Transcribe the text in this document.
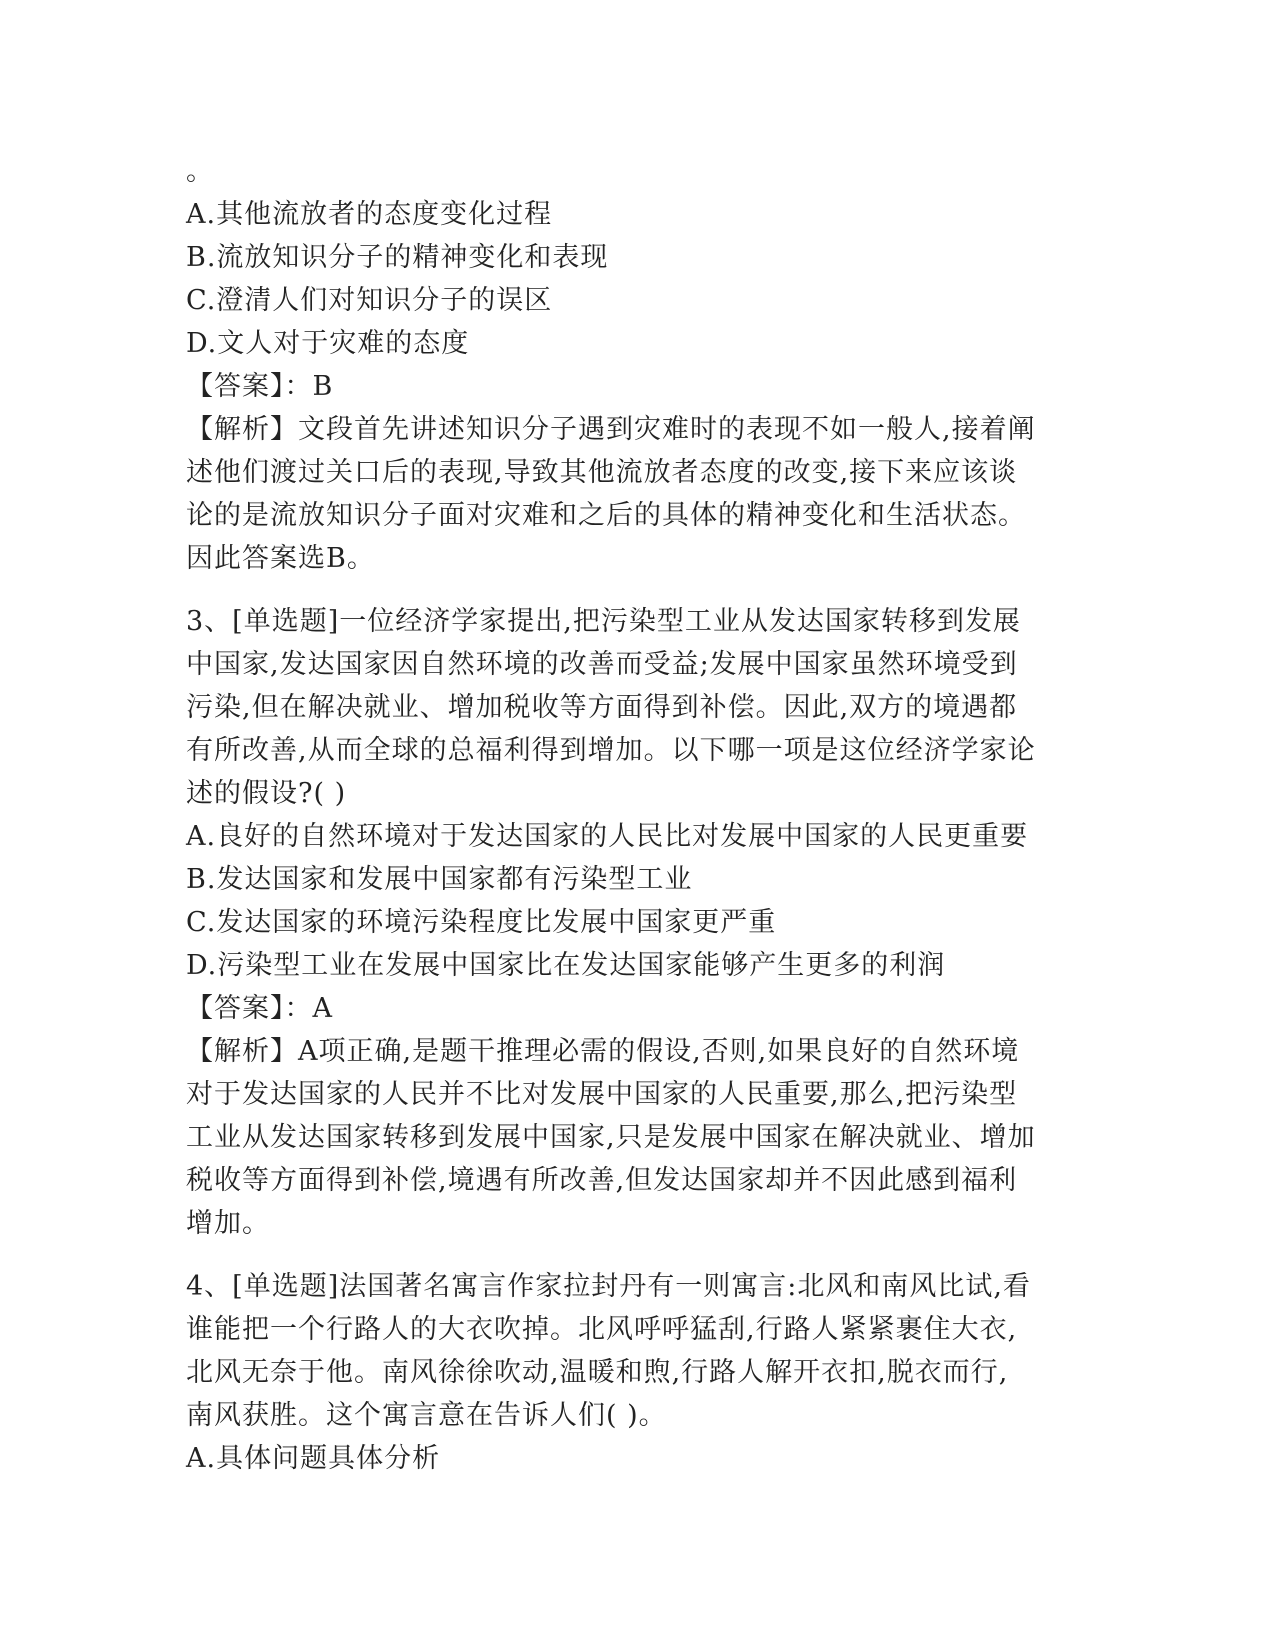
。
A.其他流放者的态度变化过程
B.流放知识分子的精神变化和表现
C.澄清人们对知识分子的误区
D.文人对于灾难的态度
【答案】：B
【解析】文段首先讲述知识分子遇到灾难时的表现不如一般人,接着阐
述他们渡过关口后的表现,导致其他流放者态度的改变,接下来应该谈
论的是流放知识分子面对灾难和之后的具体的精神变化和生活状态。
因此答案选B。
3、[单选题]一位经济学家提出,把污染型工业从发达国家转移到发展
中国家,发达国家因自然环境的改善而受益;发展中国家虽然环境受到
污染,但在解决就业、增加税收等方面得到补偿。因此,双方的境遇都
有所改善,从而全球的总福利得到增加。以下哪一项是这位经济学家论
述的假设?( )
A.良好的自然环境对于发达国家的人民比对发展中国家的人民更重要
B.发达国家和发展中国家都有污染型工业
C.发达国家的环境污染程度比发展中国家更严重
D.污染型工业在发展中国家比在发达国家能够产生更多的利润
【答案】：A
【解析】A项正确,是题干推理必需的假设,否则,如果良好的自然环境
对于发达国家的人民并不比对发展中国家的人民重要,那么,把污染型
工业从发达国家转移到发展中国家,只是发展中国家在解决就业、增加
税收等方面得到补偿,境遇有所改善,但发达国家却并不因此感到福利
增加。
4、[单选题]法国著名寓言作家拉封丹有一则寓言:北风和南风比试,看
谁能把一个行路人的大衣吹掉。北风呼呼猛刮,行路人紧紧裹住大衣,
北风无奈于他。南风徐徐吹动,温暖和煦,行路人解开衣扣,脱衣而行,
南风获胜。这个寓言意在告诉人们( )。
A.具体问题具体分析
